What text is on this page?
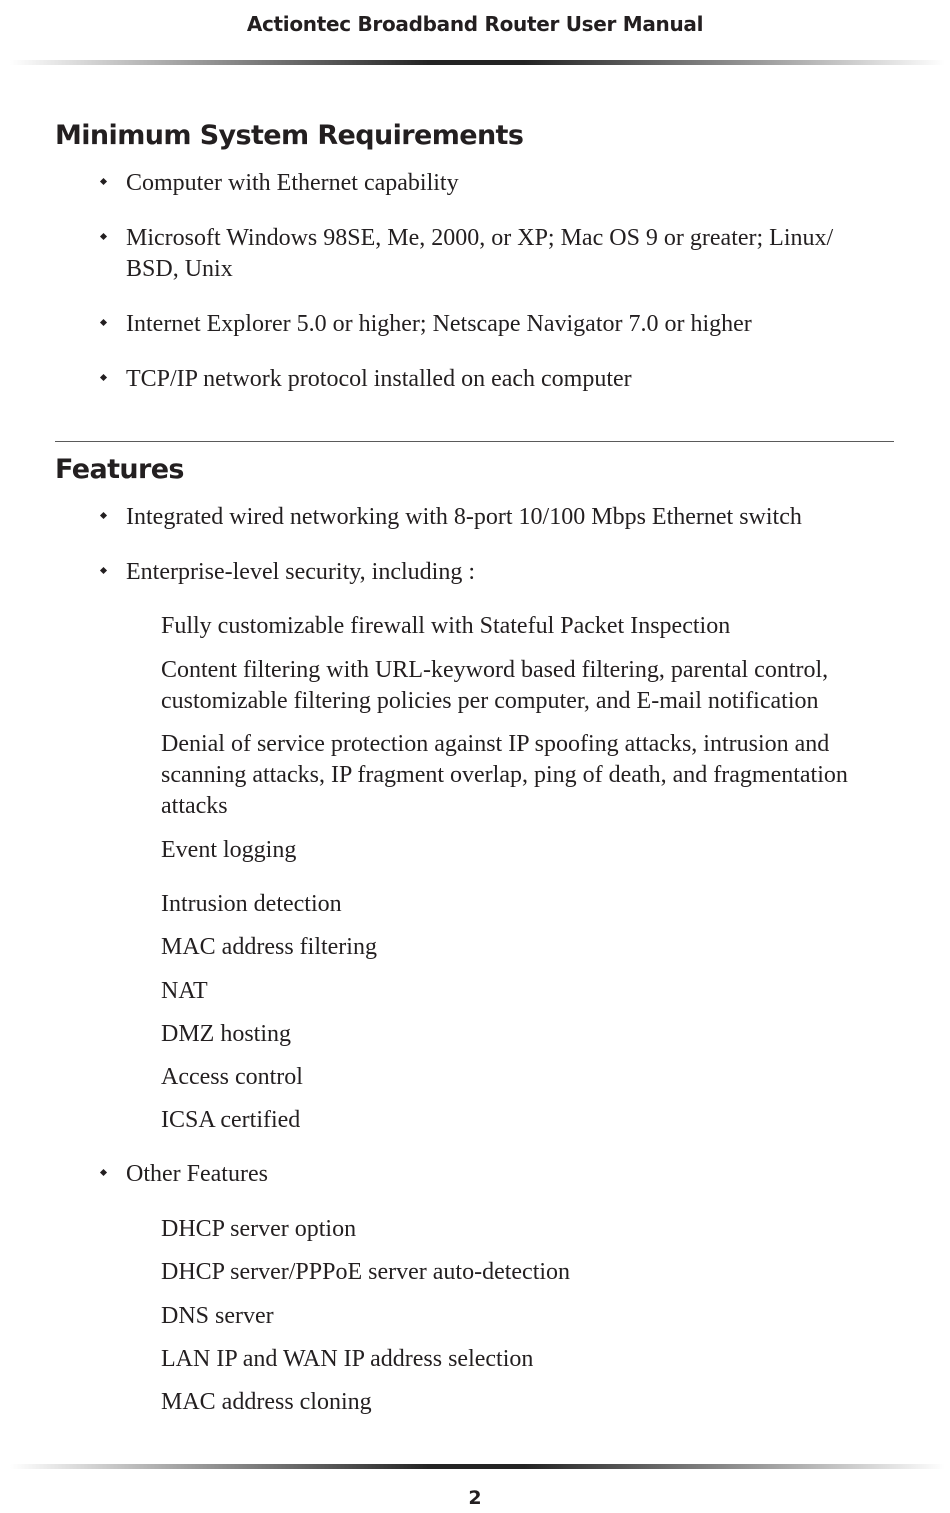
Actiontec Broadband Router User Manual
Minimum System Requirements
Computer with Ethernet capability
Microsoft Windows 98SE, Me, 2000, or XP; Mac OS 9 or greater; Linux/ BSD, Unix
Internet Explorer 5.0 or higher; Netscape Navigator 7.0 or higher
TCP/IP network protocol installed on each computer
Features
Integrated wired networking with 8-port 10/100 Mbps Ethernet switch
Enterprise-level security, including :
Fully customizable firewall with Stateful Packet Inspection
Content filtering with URL-keyword based filtering, parental control, customizable filtering policies per computer, and E-mail notification
Denial of service protection against IP spoofing attacks, intrusion and scanning attacks, IP fragment overlap, ping of death, and fragmentation attacks
Event logging
Intrusion detection
MAC address filtering
NAT
DMZ hosting
Access control
ICSA certified
Other Features
DHCP server option
DHCP server/PPPoE server auto-detection
DNS server
LAN IP and WAN IP address selection
MAC address cloning
2
